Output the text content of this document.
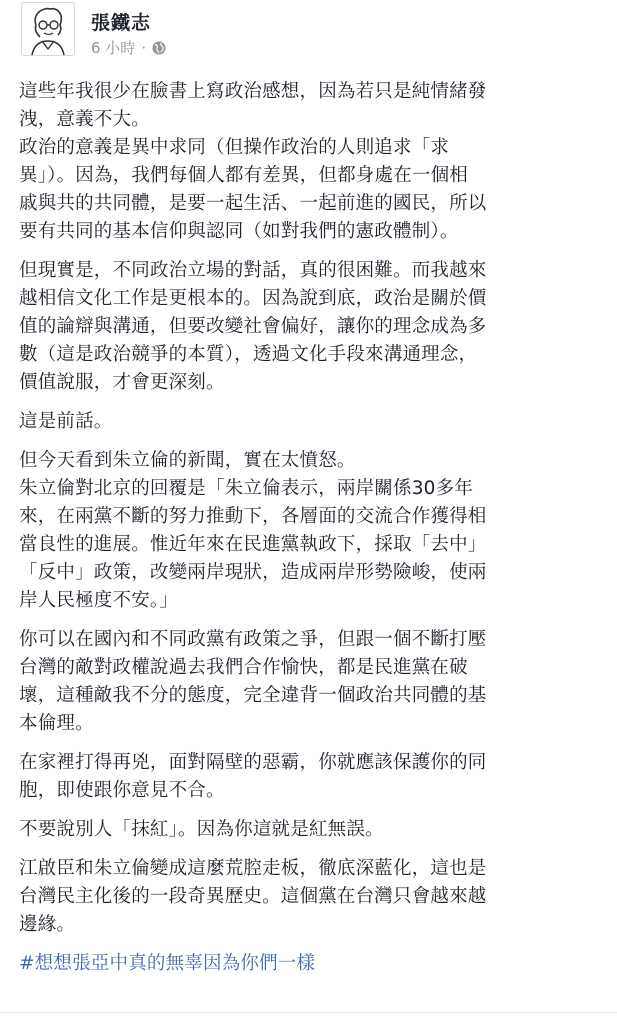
張鐵志
6 小時 ·

這些年我很少在臉書上寫政治感想，因為若只是純情緒發
洩，意義不大。
政治的意義是異中求同（但操作政治的人則追求「求
異」）。因為，我們每個人都有差異，但都身處在一個相
戚與共的共同體，是要一起生活、一起前進的國民，所以
要有共同的基本信仰與認同（如對我們的憲政體制）。

但現實是，不同政治立場的對話，真的很困難。而我越來
越相信文化工作是更根本的。因為說到底，政治是關於價
值的論辯與溝通，但要改變社會偏好，讓你的理念成為多
數（這是政治競爭的本質），透過文化手段來溝通理念，
價值說服，才會更深刻。

這是前話。

但今天看到朱立倫的新聞，實在太憤怒。
朱立倫對北京的回覆是「朱立倫表示，兩岸關係30多年
來，在兩黨不斷的努力推動下，各層面的交流合作獲得相
當良性的進展。惟近年來在民進黨執政下，採取「去中」
「反中」政策，改變兩岸現狀，造成兩岸形勢險峻，使兩
岸人民極度不安。」

你可以在國內和不同政黨有政策之爭，但跟一個不斷打壓
台灣的敵對政權說過去我們合作愉快，都是民進黨在破
壞，這種敵我不分的態度，完全違背一個政治共同體的基
本倫理。

在家裡打得再兇，面對隔壁的惡霸，你就應該保護你的同
胞，即使跟你意見不合。

不要說別人「抹紅」。因為你這就是紅無誤。

江啟臣和朱立倫變成這麼荒腔走板，徹底深藍化，這也是
台灣民主化後的一段奇異歷史。這個黨在台灣只會越來越
邊緣。

#想想張亞中真的無辜因為你們一樣
